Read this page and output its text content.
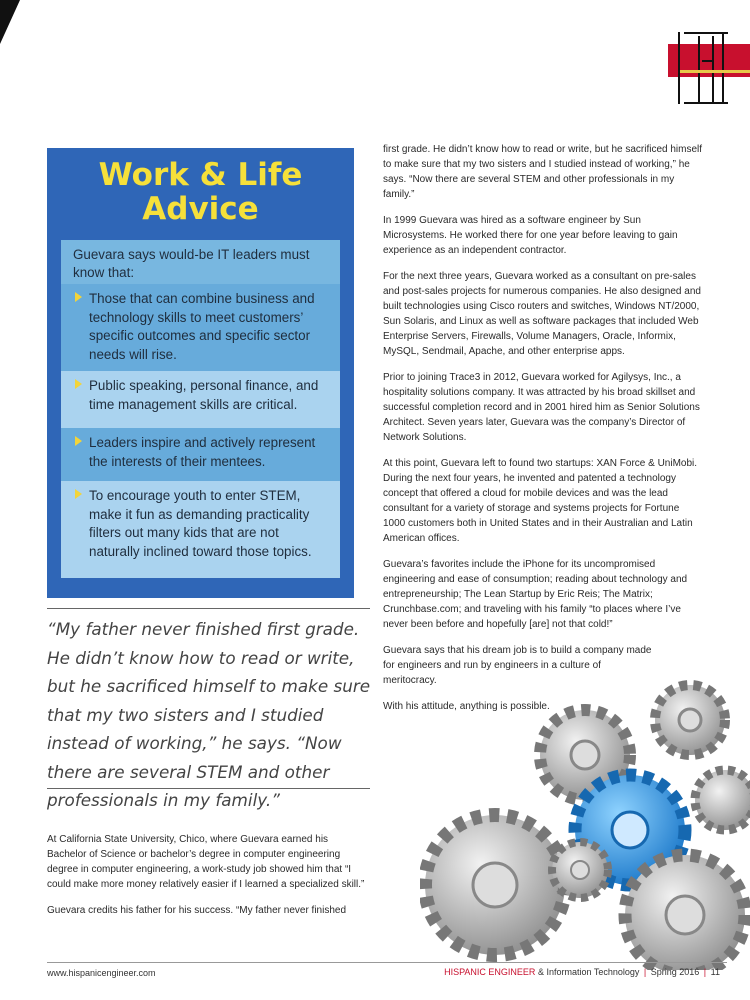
Work & Life
Advice
Guevara says would-be IT leaders must know that:
Those that can combine business and technology skills to meet customers’ specific outcomes and specific sector needs will rise.
Public speaking, personal finance, and time management skills are critical.
Leaders inspire and actively represent the interests of their mentees.
To encourage youth to enter STEM, make it fun as demanding practicality filters out many kids that are not naturally inclined toward those topics.
“My father never finished first grade. He didn’t know how to read or write, but he sacrificed himself to make sure that my two sisters and I studied instead of working,” he says. “Now there are several STEM and other professionals in my family.”

At California State University, Chico, where Guevara earned his Bachelor of Science or bachelor’s degree in computer engineering degree in computer engineering, a work-study job showed him that “I could make more money relatively easier if I learned a specialized skill.”

Guevara credits his father for his success. “My father never finished

first grade. He didn’t know how to read or write, but he sacrificed himself to make sure that my two sisters and I studied instead of working,” he says. “Now there are several STEM and other professionals in my family.”

In 1999 Guevara was hired as a software engineer by Sun Microsystems. He worked there for one year before leaving to gain experience as an independent contractor.

For the next three years, Guevara worked as a consultant on pre-sales and post-sales projects for numerous companies. He also designed and built technologies using Cisco routers and switches, Windows NT/2000, Sun Solaris, and Linux as well as software packages that included Web Enterprise Servers, Firewalls, Volume Managers, Oracle, Informix, MySQL, Sendmail, Apache, and other enterprise apps.

Prior to joining Trace3 in 2012, Guevara worked for Agilysys, Inc., a hospitality solutions company. It was attracted by his broad skillset and successful completion record and in 2001 hired him as Senior Solutions Architect. Seven years later, Guevara was the company’s Director of Network Solutions.

At this point, Guevara left to found two startups: XAN Force & UniMobi. During the next four years, he invented and patented a technology concept that offered a cloud for mobile devices and was the lead consultant for a variety of storage and systems projects for Fortune 1000 customers both in United States and in their Australian and Latin American offices.

Guevara’s favorites include the iPhone for its uncompromised engineering and ease of consumption; reading about technology and entrepreneurship; The Lean Startup by Eric Reis; The Matrix; Crunchbase.com; and traveling with his family “to places where I’ve never been before and hopefully [are] not that cold!”

Guevara says that his dream job is to build a company made for engineers and run by engineers in a culture of meritocracy.

With his attitude, anything is possible.

www.hispanicengineer.com	HISPANIC ENGINEER & Information Technology | Spring 2016 | 11
